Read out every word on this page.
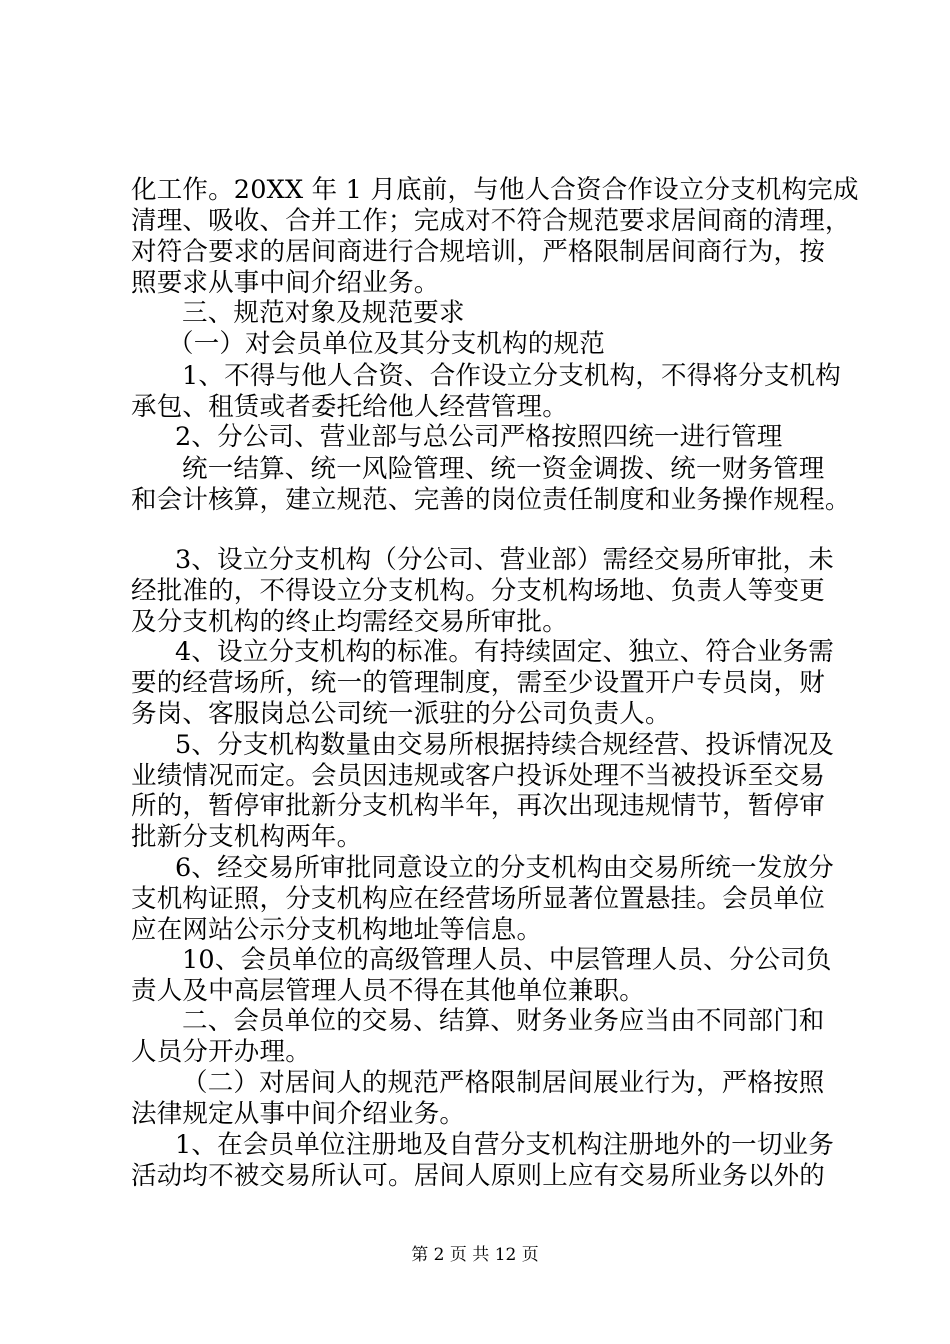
化工作。20XX 年 1 月底前，与他人合资合作设立分支机构完成
清理、吸收、合并工作；完成对不符合规范要求居间商的清理，
对符合要求的居间商进行合规培训，严格限制居间商行为，按
照要求从事中间介绍业务。
三、规范对象及规范要求
（一）对会员单位及其分支机构的规范
1、不得与他人合资、合作设立分支机构，不得将分支机构
承包、租赁或者委托给他人经营管理。
2、分公司、营业部与总公司严格按照四统一进行管理
统一结算、统一风险管理、统一资金调拨、统一财务管理
和会计核算，建立规范、完善的岗位责任制度和业务操作规程。
3、设立分支机构（分公司、营业部）需经交易所审批，未
经批准的，不得设立分支机构。分支机构场地、负责人等变更
及分支机构的终止均需经交易所审批。
4、设立分支机构的标准。有持续固定、独立、符合业务需
要的经营场所，统一的管理制度，需至少设置开户专员岗，财
务岗、客服岗总公司统一派驻的分公司负责人。
5、分支机构数量由交易所根据持续合规经营、投诉情况及
业绩情况而定。会员因违规或客户投诉处理不当被投诉至交易
所的，暂停审批新分支机构半年，再次出现违规情节，暂停审
批新分支机构两年。
6、经交易所审批同意设立的分支机构由交易所统一发放分
支机构证照，分支机构应在经营场所显著位置悬挂。会员单位
应在网站公示分支机构地址等信息。
10、会员单位的高级管理人员、中层管理人员、分公司负
责人及中高层管理人员不得在其他单位兼职。
二、会员单位的交易、结算、财务业务应当由不同部门和
人员分开办理。
（二）对居间人的规范严格限制居间展业行为，严格按照
法律规定从事中间介绍业务。
1、在会员单位注册地及自营分支机构注册地外的一切业务
活动均不被交易所认可。居间人原则上应有交易所业务以外的
第 2 页 共 12 页
